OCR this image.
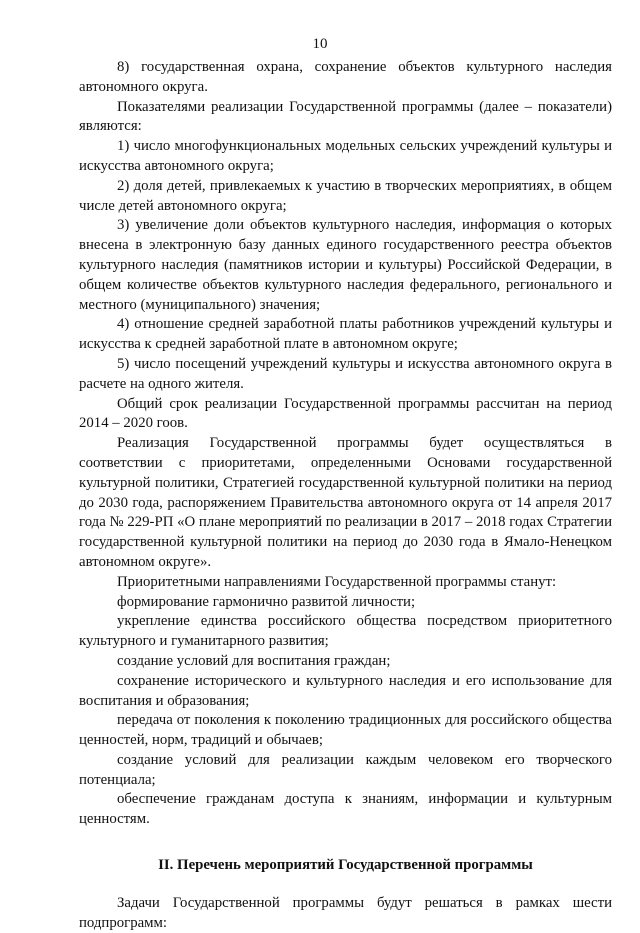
10

8) государственная охрана, сохранение объектов культурного наследия автономного округа.

Показателями реализации Государственной программы (далее – показатели) являются:

1) число многофункциональных модельных сельских учреждений культуры и искусства автономного округа;

2) доля детей, привлекаемых к участию в творческих мероприятиях, в общем числе детей автономного округа;

3) увеличение доли объектов культурного наследия, информация о которых внесена в электронную базу данных единого государственного реестра объектов культурного наследия (памятников истории и культуры) Российской Федерации, в общем количестве объектов культурного наследия федерального, регионального и местного (муниципального) значения;

4) отношение средней заработной платы работников учреждений культуры и искусства к средней заработной плате в автономном округе;

5) число посещений учреждений культуры и искусства автономного округа в расчете на одного жителя.

Общий срок реализации Государственной программы рассчитан на период 2014 – 2020 гоов.

Реализация Государственной программы будет осуществляться в соответствии с приоритетами, определенными Основами государственной культурной политики, Стратегией государственной культурной политики на период до 2030 года, распоряжением Правительства автономного округа от 14 апреля 2017 года № 229-РП «О плане мероприятий по реализации в 2017 – 2018 годах Стратегии государственной культурной политики на период до 2030 года в Ямало-Ненецком автономном округе».

Приоритетными направлениями Государственной программы станут:

формирование гармонично развитой личности;

укрепление единства российского общества посредством приоритетного культурного и гуманитарного развития;

создание условий для воспитания граждан;

сохранение исторического и культурного наследия и его использование для воспитания и образования;

передача от поколения к поколению традиционных для российского общества ценностей, норм, традиций и обычаев;

создание условий для реализации каждым человеком его творческого потенциала;

обеспечение гражданам доступа к знаниям, информации и культурным ценностям.

II. Перечень мероприятий Государственной программы

Задачи Государственной программы будут решаться в рамках шести подпрограмм:
